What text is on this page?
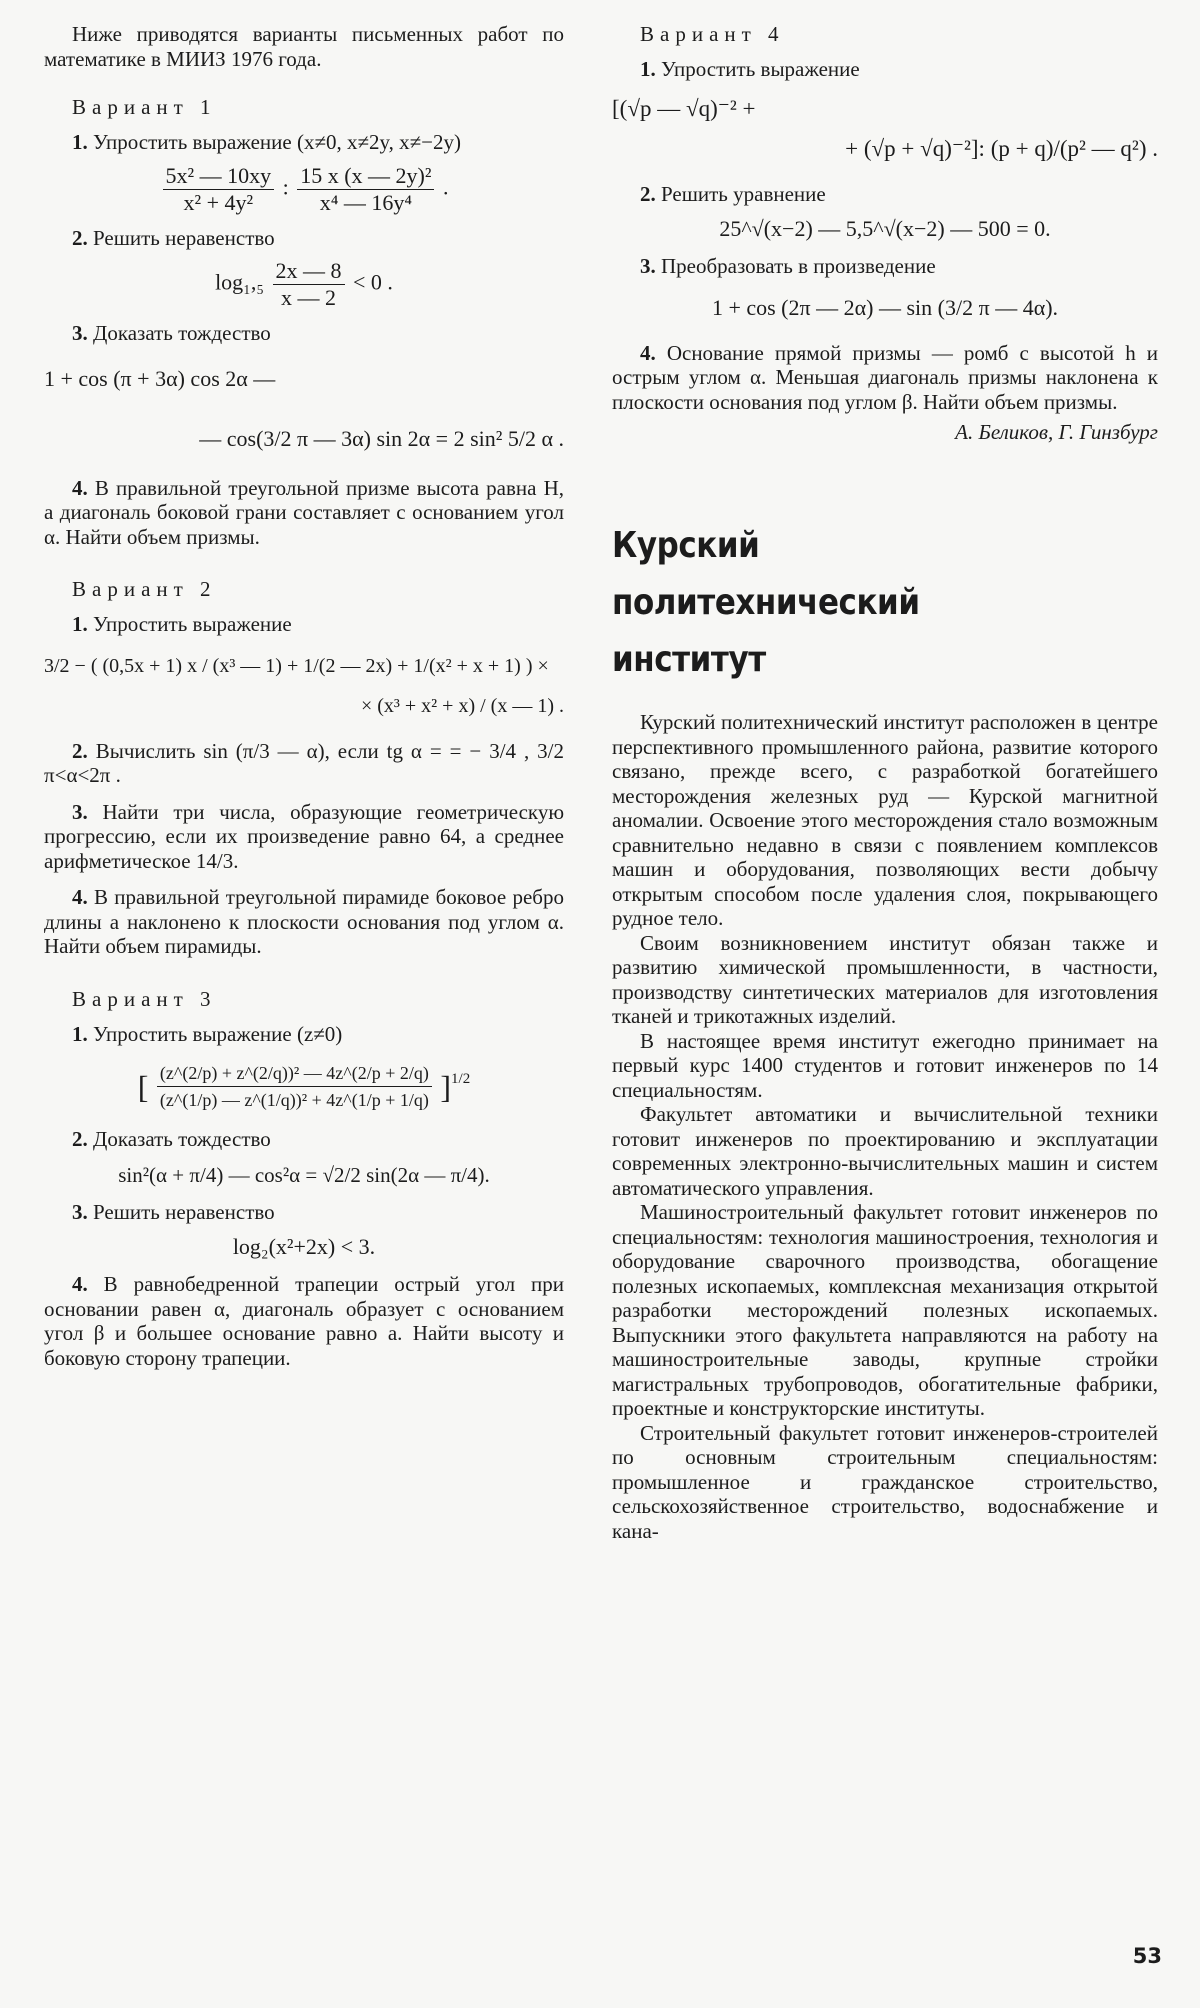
Ниже приводятся варианты письменных работ по математике в МИИЗ 1976 года.

Вариант 1

1. Упростить выражение (x≠0, x≠2y, x≠−2y)

$\frac{\text{5x² — 10xy}}{\text{x² + 4y²}}$ : $\frac{\text{15 x (x — 2y)²}}{\text{x⁴ — 16y⁴}}$ .

2. Решить неравенство

$\log_1,_5 \frac{2x — 8}{x — 2} < 0$ .

3. Доказать тождество

1 + cos (π + 3α) cos 2α —
— cos(3/2 π — 3α) sin 2α = 2 sin² 5/2 α .

4. В правильной треугольной призме высота равна H, а диагональ боковой грани составляет с основанием угол α. Найти объем призмы.

Вариант 2

1. Упростить выражение

3/2 − ( (0,5x + 1) x / (x³ — 1) + 1/(2 — 2x) + 1/(x² + x + 1) ) ×
× (x³ + x² + x) / (x — 1) .

2. Вычислить sin (π/3 — α), если tg α = = − 3/4 , 3/2 π<α<2π .

3. Найти три числа, образующие геометрическую прогрессию, если их произведение равно 64, а среднее арифметическое 14/3.

4. В правильной треугольной пирамиде боковое ребро длины a наклонено к плоскости основания под углом α. Найти объем пирамиды.

Вариант 3

1. Упростить выражение (z≠0)

[ $\frac{\text{(z\textasciicircum{}(2/p) + z\textasciicircum{}(2/q))² — 4z\textasciicircum{}(2/p + 2/q)}}{\text{(z\textasciicircum{}(1/p) — z\textasciicircum{}(1/q))² + 4z\textasciicircum{}(1/p + 1/q)}} ]^{1/2}$

2. Доказать тождество

sin²(α + π/4) — cos²α = √2/2 sin(2α — π/4).

3. Решить неравенство

log₂(x²+2x) < 3.

4. В равнобедренной трапеции острый угол при основании равен α, диагональ образует с основанием угол β и большее основание равно a. Найти высоту и боковую сторону трапеции.

Вариант 4

1. Упростить выражение

[(√p — √q)⁻² +
+ (√p + √q)⁻²]: (p + q)/(p² — q²) .

2. Решить уравнение

25^√(x−2) — 5,5^√(x−2) — 500 = 0.

3. Преобразовать в произведение

1 + cos (2π — 2α) — sin (3/2 π — 4α).

4. Основание прямой призмы — ромб с высотой h и острым углом α. Меньшая диагональ призмы наклонена к плоскости основания под углом β. Найти объем призмы.

А. Беликов, Г. Гинзбург
Курский
политехнический
институт

Курский политехнический институт расположен в центре перспективного промышленного района, развитие которого связано, прежде всего, с разработкой богатейшего месторождения железных руд — Курской магнитной аномалии. Освоение этого месторождения стало возможным сравнительно недавно в связи с появлением комплексов машин и оборудования, позволяющих вести добычу открытым способом после удаления слоя, покрывающего рудное тело.

Своим возникновением институт обязан также и развитию химической промышленности, в частности, производству синтетических материалов для изготовления тканей и трикотажных изделий.

В настоящее время институт ежегодно принимает на первый курс 1400 студентов и готовит инженеров по 14 специальностям.

Факультет автоматики и вычислительной техники готовит инженеров по проектированию и эксплуатации современных электронно-вычислительных машин и систем автоматического управления.

Машиностроительный факультет готовит инженеров по специальностям: технология машиностроения, технология и оборудование сварочного производства, обогащение полезных ископаемых, комплексная механизация открытой разработки месторождений полезных ископаемых. Выпускники этого факультета направляются на работу на машиностроительные заводы, крупные стройки магистральных трубопроводов, обогатительные фабрики, проектные и конструкторские институты.

Строительный факультет готовит инженеров-строителей по основным строительным специальностям: промышленное и гражданское строительство, сельскохозяйственное строительство, водоснабжение и кана-

53
